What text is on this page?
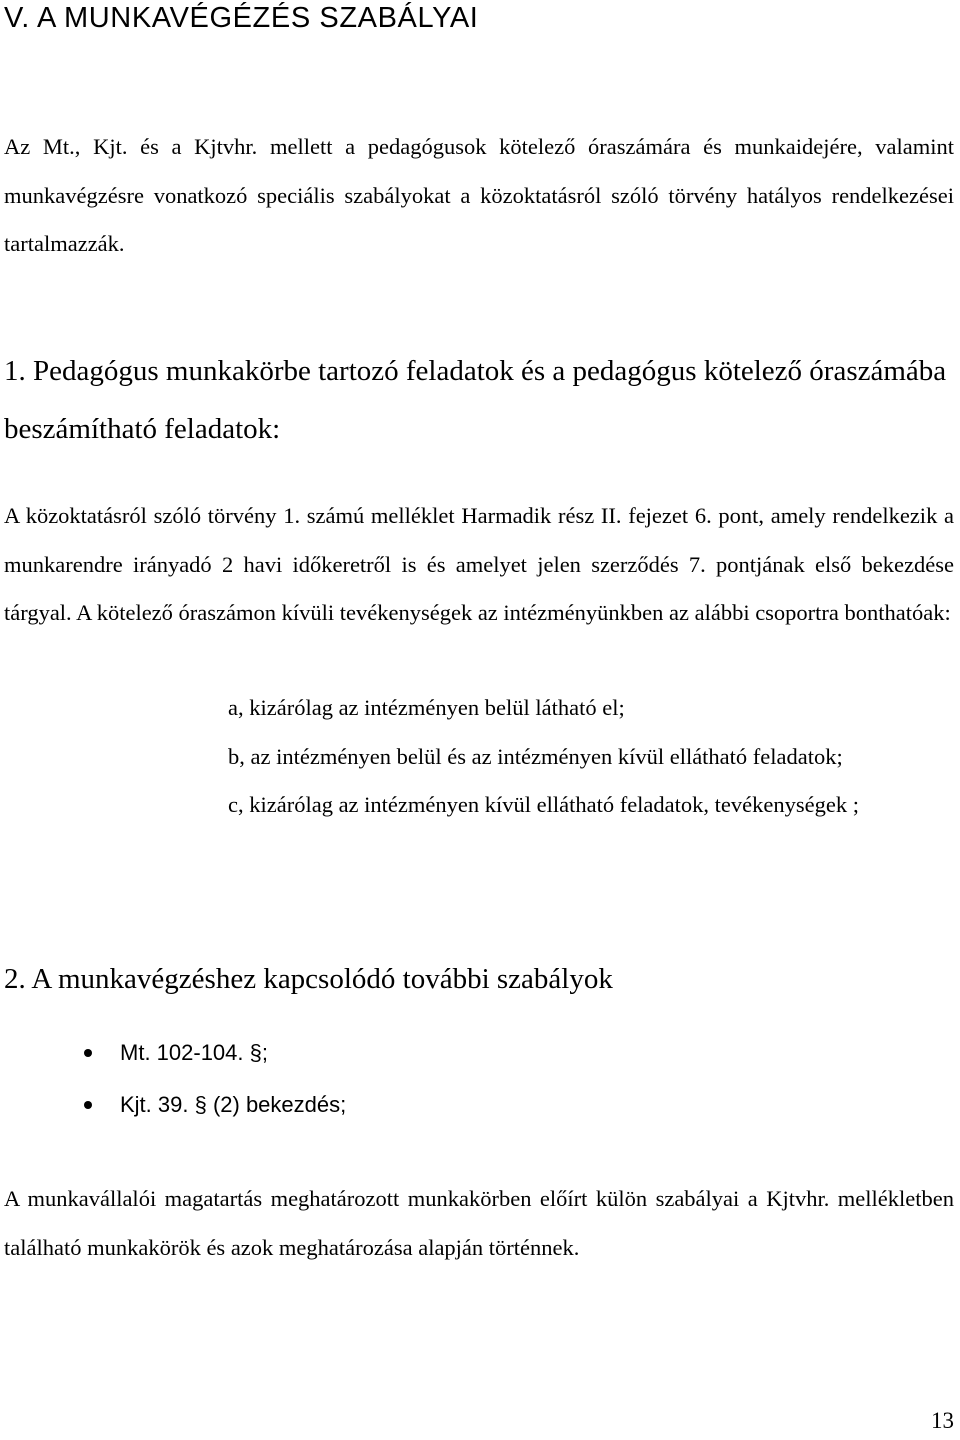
V. A MUNKAVÉGÉZÉS SZABÁLYAI

Az Mt., Kjt. és a Kjtvhr. mellett a pedagógusok kötelező óraszámára és munkaidejére, valamint munkavégzésre vonatkozó speciális szabályokat a közoktatásról szóló törvény hatályos rendelkezései tartalmazzák.

1. Pedagógus munkakörbe tartozó feladatok és a pedagógus kötelező óraszámába beszámítható feladatok:

A közoktatásról szóló törvény 1. számú melléklet Harmadik rész II. fejezet 6. pont, amely rendelkezik a munkarendre irányadó 2 havi időkeretről is és amelyet jelen szerződés 7. pontjának első bekezdése tárgyal. A kötelező óraszámon kívüli tevékenységek az intézményünkben az alábbi csoportra bonthatóak:

a, kizárólag az intézményen belül látható el;
b, az intézményen belül és az intézményen kívül ellátható feladatok;
c, kizárólag az intézményen kívül ellátható feladatok, tevékenységek ;
2. A munkavégzéshez kapcsolódó további szabályok
Mt. 102-104. §;
Kjt. 39. § (2) bekezdés;

A munkavállalói magatartás meghatározott munkakörben előírt külön szabályai a Kjtvhr. mellékletben található munkakörök és azok meghatározása alapján történnek.

13
